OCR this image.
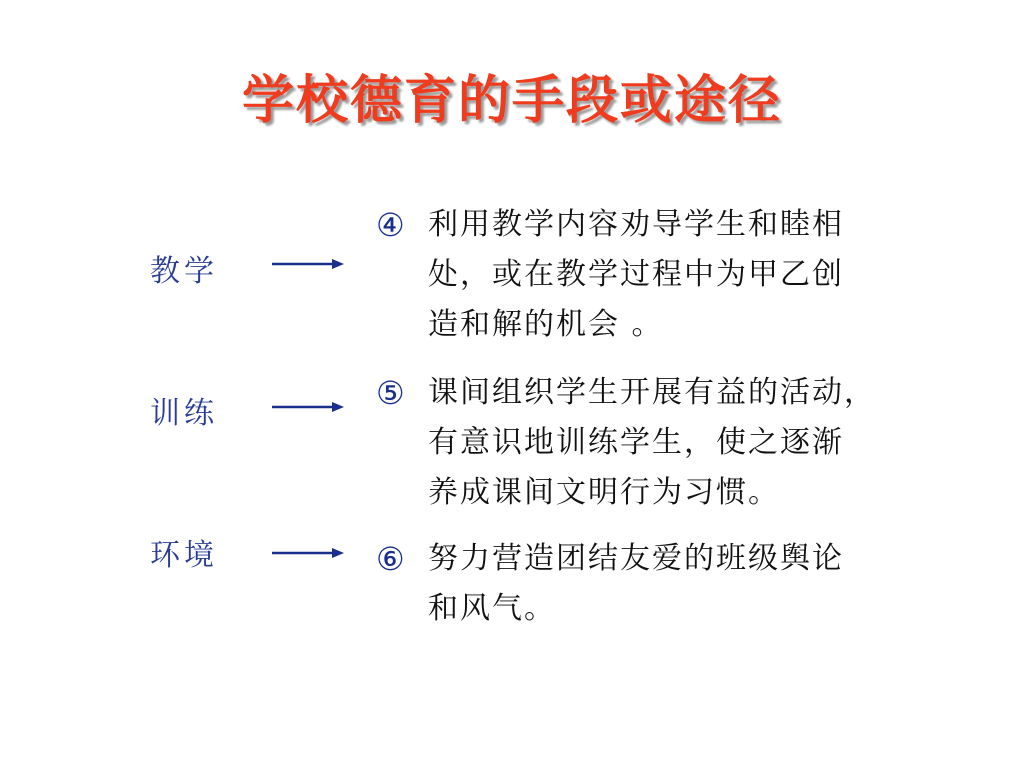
学校德育的手段或途径
教学
④ 利用教学内容劝导学生和睦相
处，或在教学过程中为甲乙创
造和解的机会 。
训练
⑤ 课间组织学生开展有益的活动，
有意识地训练学生，使之逐渐
养成课间文明行为习惯。
环境	⑥ 努力营造团结友爱的班级舆论
和风气。
